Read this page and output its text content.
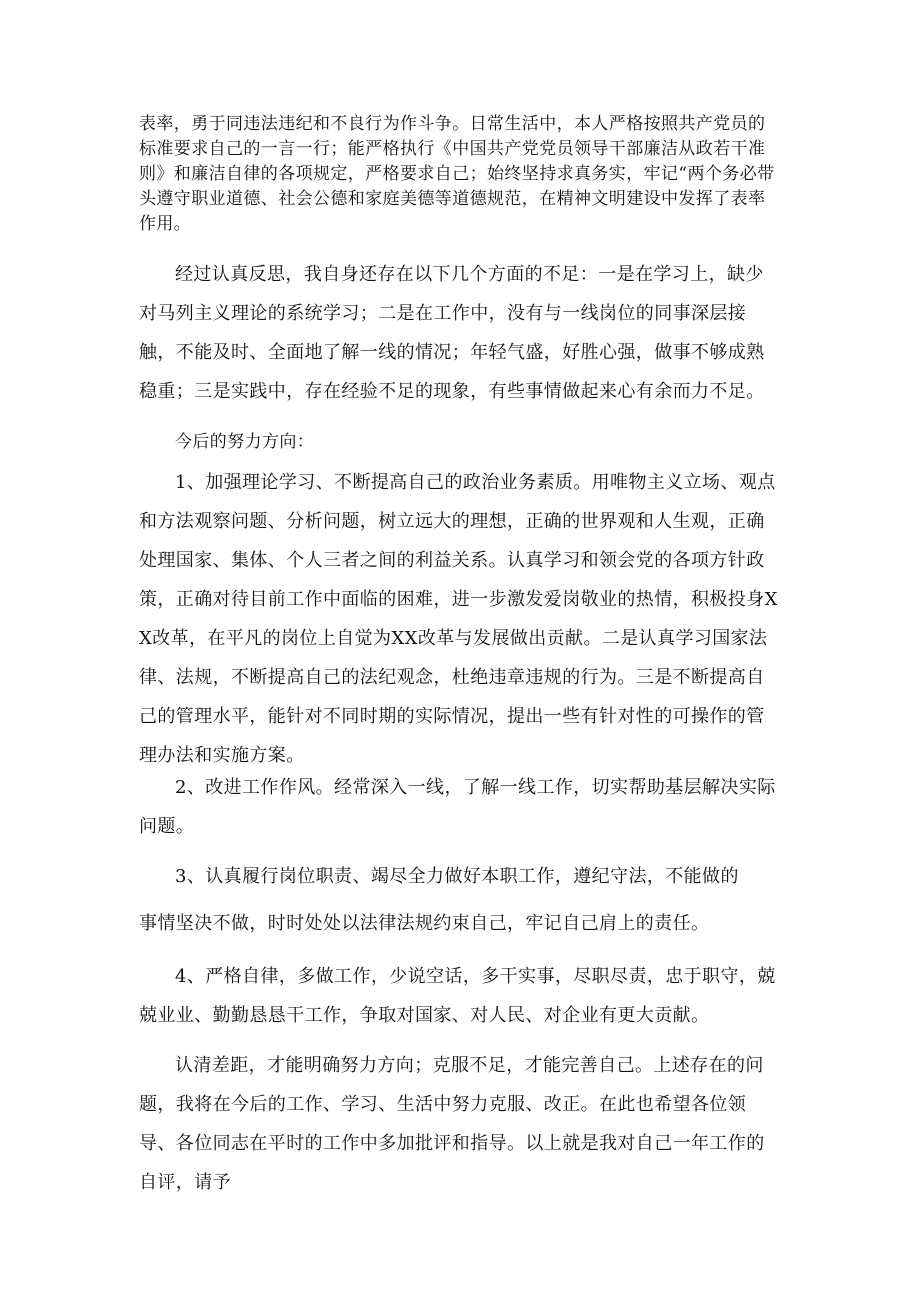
表率，勇于同违法违纪和不良行为作斗争。日常生活中，本人严格按照共产党员的标准要求自己的一言一行；能严格执行《中国共产党党员领导干部廉洁从政若干准则》和廉洁自律的各项规定，严格要求自己；始终坚持求真务实，牢记“两个务必带头遵守职业道德、社会公德和家庭美德等道德规范，在精神文明建设中发挥了表率作用。

经过认真反思，我自身还存在以下几个方面的不足：一是在学习上，缺少对马列主义理论的系统学习；二是在工作中，没有与一线岗位的同事深层接触，不能及时、全面地了解一线的情况；年轻气盛，好胜心强，做事不够成熟稳重；三是实践中，存在经验不足的现象，有些事情做起来心有余而力不足。

今后的努力方向：

1、加强理论学习、不断提高自己的政治业务素质。用唯物主义立场、观点和方法观察问题、分析问题，树立远大的理想，正确的世界观和人生观，正确处理国家、集体、个人三者之间的利益关系。认真学习和领会党的各项方针政策，正确对待目前工作中面临的困难，进一步激发爱岗敬业的热情，积极投身XX改革，在平凡的岗位上自觉为XX改革与发展做出贡献。二是认真学习国家法律、法规，不断提高自己的法纪观念，杜绝违章违规的行为。三是不断提高自己的管理水平，能针对不同时期的实际情况，提出一些有针对性的可操作的管理办法和实施方案。

2、改进工作作风。经常深入一线，了解一线工作，切实帮助基层解决实际问题。

3、认真履行岗位职责、竭尽全力做好本职工作，遵纪守法，不能做的

事情坚决不做，时时处处以法律法规约束自己，牢记自己肩上的责任。

4、严格自律，多做工作，少说空话，多干实事，尽职尽责，忠于职守，兢兢业业、勤勤恳恳干工作，争取对国家、对人民、对企业有更大贡献。

认清差距，才能明确努力方向；克服不足，才能完善自己。上述存在的问题，我将在今后的工作、学习、生活中努力克服、改正。在此也希望各位领导、各位同志在平时的工作中多加批评和指导。以上就是我对自己一年工作的自评，请予
